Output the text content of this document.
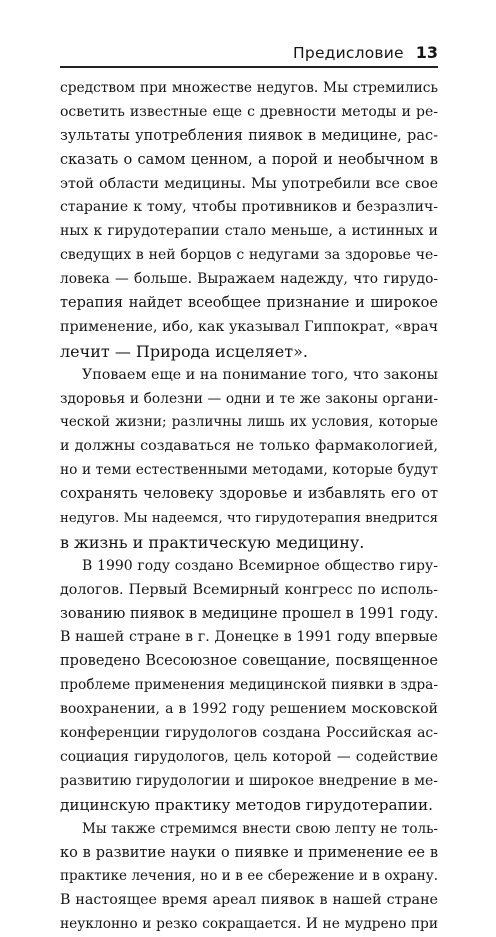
Предисловие 13
средством при множестве недугов. Мы стремились
осветить известные еще с древности методы и ре-
зультаты употребления пиявок в медицине, рас-
сказать о самом ценном, а порой и необычном в
этой области медицины. Мы употребили все свое
старание к тому, чтобы противников и безразлич-
ных к гирудотерапии стало меньше, а истинных и
сведущих в ней борцов с недугами за здоровье че-
ловека — больше. Выражаем надежду, что гирудо-
терапия найдет всеобщее признание и широкое
применение, ибо, как указывал Гиппократ, «врач
лечит — Природа исцеляет».
Уповаем еще и на понимание того, что законы
здоровья и болезни — одни и те же законы органи-
ческой жизни; различны лишь их условия, которые
и должны создаваться не только фармакологией,
но и теми естественными методами, которые будут
сохранять человеку здоровье и избавлять его от
недугов. Мы надеемся, что гирудотерапия внедрится
в жизнь и практическую медицину.
В 1990 году создано Всемирное общество гиру-
дологов. Первый Всемирный конгресс по исполь-
зованию пиявок в медицине прошел в 1991 году.
В нашей стране в г. Донецке в 1991 году впервые
проведено Всесоюзное совещание, посвященное
проблеме применения медицинской пиявки в здра-
воохранении, а в 1992 году решением московской
конференции гирудологов создана Российская ас-
социация гирудологов, цель которой — содействие
развитию гирудологии и широкое внедрение в ме-
дицинскую практику методов гирудотерапии.
Мы также стремимся внести свою лепту не толь-
ко в развитие науки о пиявке и применение ее в
практике лечения, но и в ее сбережение и в охрану.
В настоящее время ареал пиявок в нашей стране
неуклонно и резко сокращается. И не мудрено при
